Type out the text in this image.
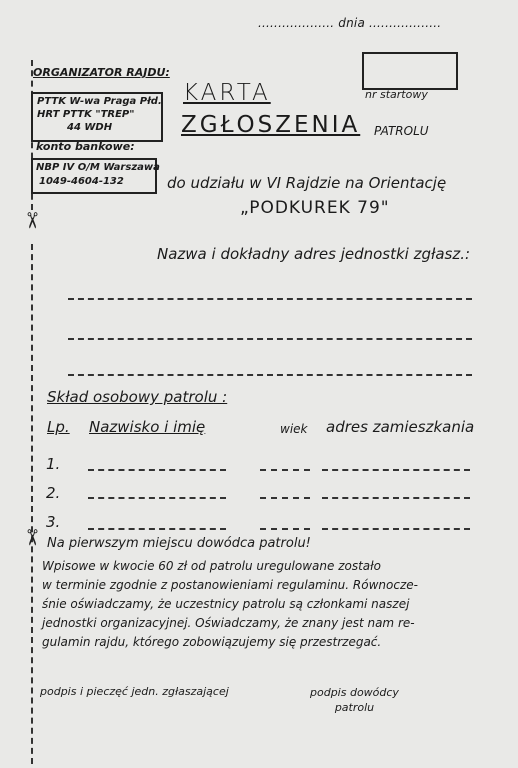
✂
✂
................... dnia ..................
nr startowy
ORGANIZATOR RAJDU:
PTTK W-wa Praga Płd.
HRT PTTK "TREP"
44 WDH
konto bankowe:
NBP IV O/M Warszawa
1049-4604-132
KARTA
ZGŁOSZENIA PATROLU
do udziału w VI Rajdzie na Orientację
„PODKUREK 79"
Nazwa i dokładny adres jednostki zgłasz.:
Skład osobowy patrolu :
Lp. Nazwisko i imię	wiek adres zamieszkania
1.
2.
3.
Na pierwszym miejscu dowódca patrolu!
Wpisowe w kwocie 60 zł od patrolu uregulowane zostało
w terminie zgodnie z postanowieniami regulaminu. Równocze-
śnie oświadczamy, że uczestnicy patrolu są członkami naszej
jednostki organizacyjnej. Oświadczamy, że znany jest nam re-
gulamin rajdu, którego zobowiązujemy się przestrzegać.
podpis i pieczęć jedn. zgłaszającej	podpis dowódcy
patrolu
